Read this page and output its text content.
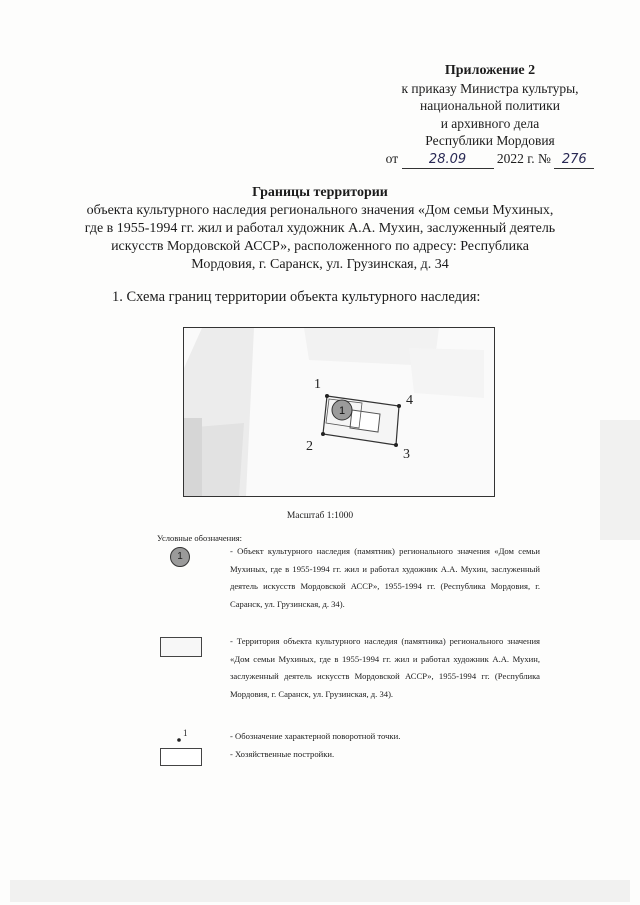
Приложение 2
к приказу Министра культуры,
национальной политики
и архивного дела
Республики Мордовия
от 28.09 2022 г. № 276
Границы территории
объекта культурного наследия регионального значения «Дом семьи Мухиных, где в 1955-1994 гг. жил и работал художник А.А. Мухин, заслуженный деятель искусств Мордовской АССР», расположенного по адресу: Республика Мордовия, г. Саранск, ул. Грузинская, д. 34
1. Схема границ территории объекта культурного наследия:
1
1
2
3
4
Масштаб 1:1000
Условные обозначения:
1	- Объект культурного наследия (памятник) регионального значения «Дом семьи Мухиных, где в 1955-1994 гг. жил и работал художник А.А. Мухин, заслуженный деятель искусств Мордовской АССР», 1955-1994 гг. (Республика Мордовия, г. Саранск, ул. Грузинская, д. 34).
- Территория объекта культурного наследия (памятника) регионального значения «Дом семьи Мухиных, где в 1955-1994 гг. жил и работал художник А.А. Мухин, заслуженный деятель искусств Мордовской АССР», 1955-1994 гг. (Республика Мордовия, г. Саранск, ул. Грузинская, д. 34).
1	- Обозначение характерной поворотной точки.
- Хозяйственные постройки.
